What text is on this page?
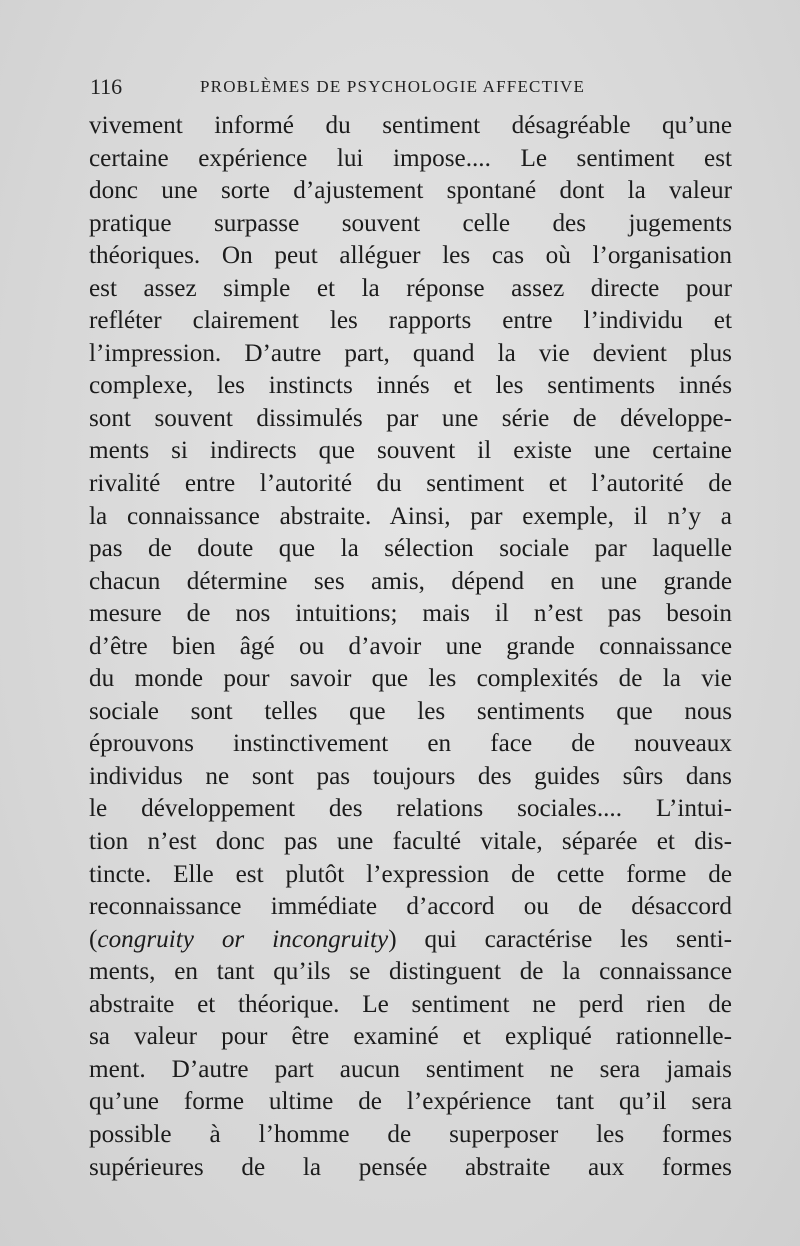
116	PROBLÈMES DE PSYCHOLOGIE AFFECTIVE
vivement informé du sentiment désagréable qu’une
certaine expérience lui impose.... Le sentiment est
donc une sorte d’ajustement spontané dont la valeur
pratique surpasse souvent celle des jugements
théoriques. On peut alléguer les cas où l’organisation
est assez simple et la réponse assez directe pour
refléter clairement les rapports entre l’individu et
l’impression. D’autre part, quand la vie devient plus
complexe, les instincts innés et les sentiments innés
sont souvent dissimulés par une série de développe-
ments si indirects que souvent il existe une certaine
rivalité entre l’autorité du sentiment et l’autorité de
la connaissance abstraite. Ainsi, par exemple, il n’y a
pas de doute que la sélection sociale par laquelle
chacun détermine ses amis, dépend en une grande
mesure de nos intuitions; mais il n’est pas besoin
d’être bien âgé ou d’avoir une grande connaissance
du monde pour savoir que les complexités de la vie
sociale sont telles que les sentiments que nous
éprouvons instinctivement en face de nouveaux
individus ne sont pas toujours des guides sûrs dans
le développement des relations sociales.... L’intui-
tion n’est donc pas une faculté vitale, séparée et dis-
tincte. Elle est plutôt l’expression de cette forme de
reconnaissance immédiate d’accord ou de désaccord
(congruity or incongruity) qui caractérise les senti-
ments, en tant qu’ils se distinguent de la connaissance
abstraite et théorique. Le sentiment ne perd rien de
sa valeur pour être examiné et expliqué rationnelle-
ment. D’autre part aucun sentiment ne sera jamais
qu’une forme ultime de l’expérience tant qu’il sera
possible à l’homme de superposer les formes
supérieures de la pensée abstraite aux formes
